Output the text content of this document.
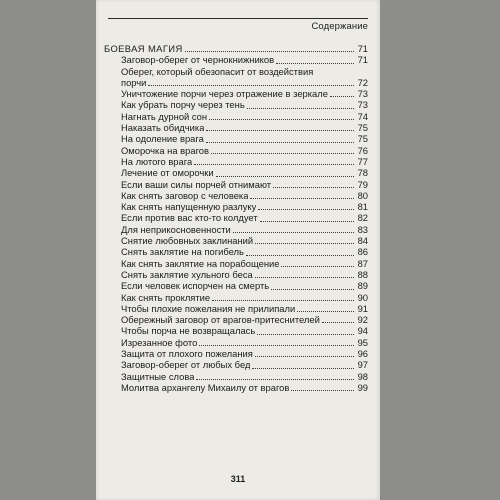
Содержание
БОЕВАЯ МАГИЯ	71
Заговор-оберег от чернокнижников	71
Оберег, который обезопасит от воздействия
порчи	72
Уничтожение порчи через отражение в зеркале	73
Как убрать порчу через тень	73
Нагнать дурной сон	74
Наказать обидчика	75
На одоление врага	75
Оморочка на врагов	76
На лютого врага	77
Лечение от оморочки	78
Если ваши силы порчей отнимают	79
Как снять заговор с человека	80
Как снять напущенную разлуку	81
Если против вас кто-то колдует	82
Для неприкосновенности	83
Снятие любовных заклинаний	84
Снять заклятие на погибель	86
Как снять заклятие на порабощение	87
Снять заклятие хульного беса	88
Если человек испорчен на смерть	89
Как снять проклятие	90
Чтобы плохие пожелания не прилипали	91
Обережный заговор от врагов-притеснителей	92
Чтобы порча не возвращалась	94
Изрезанное фото	95
Защита от плохого пожелания	96
Заговор-оберег от любых бед	97
Защитные слова	98
Молитва архангелу Михаилу от врагов	99
311
